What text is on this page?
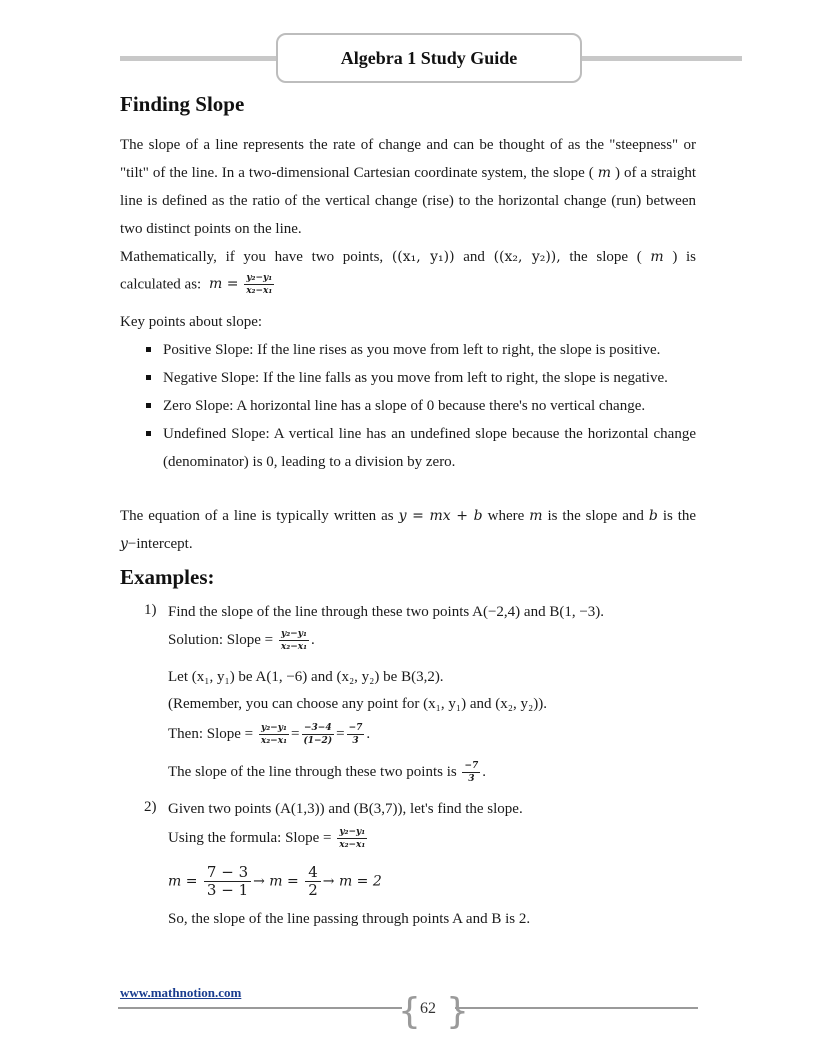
Algebra 1 Study Guide
Finding Slope

The slope of a line represents the rate of change and can be thought of as the "steepness" or "tilt" of the line. In a two-dimensional Cartesian coordinate system, the slope ( m ) of a straight line is defined as the ratio of the vertical change (rise) to the horizontal change (run) between two distinct points on the line.

Mathematically, if you have two points, ((x₁, y₁)) and ((x₂, y₂)), the slope ( m ) is

calculated as: $m = \frac{\text{y₂−y₁}}{\text{x₂−x₁}}$

Key points about slope:

Positive Slope: If the line rises as you move from left to right, the slope is positive.
Negative Slope: If the line falls as you move from left to right, the slope is negative.
Zero Slope: A horizontal line has a slope of 0 because there's no vertical change.
Undefined Slope: A vertical line has an undefined slope because the horizontal change (denominator) is 0, leading to a division by zero.

The equation of a line is typically written as y = mx + b where m is the slope and b is the y−intercept.

Examples:
1) Find the slope of the line through these two points A(−2,4) and B(1, −3).
Solution: Slope = $\frac{\text{y₂−y₁}}{\text{x₂−x₁}}$ .
Let (x₁, y₁) be A(1, −6) and (x₂, y₂) be B(3,2).
(Remember, you can choose any point for (x₁, y₁) and (x₂, y₂)).
Then: Slope = $\frac{\text{y₂−y₁}}{\text{x₂−x₁}} = \frac{-3-4}{(1-2)} = \frac{-7}{3}$ .
The slope of the line through these two points is $\frac{-7}{3}$ .
2) Given two points (A(1,3)) and (B(3,7)), let's find the slope.
Using the formula: Slope = $\frac{\text{y₂−y₁}}{\text{x₂−x₁}}$
$m = \frac{7 - 3}{3 - 1} \to m = \frac{4}{2} \to m = 2$
So, the slope of the line passing through points A and B is 2.
www.mathnotion.com	{ }
62
